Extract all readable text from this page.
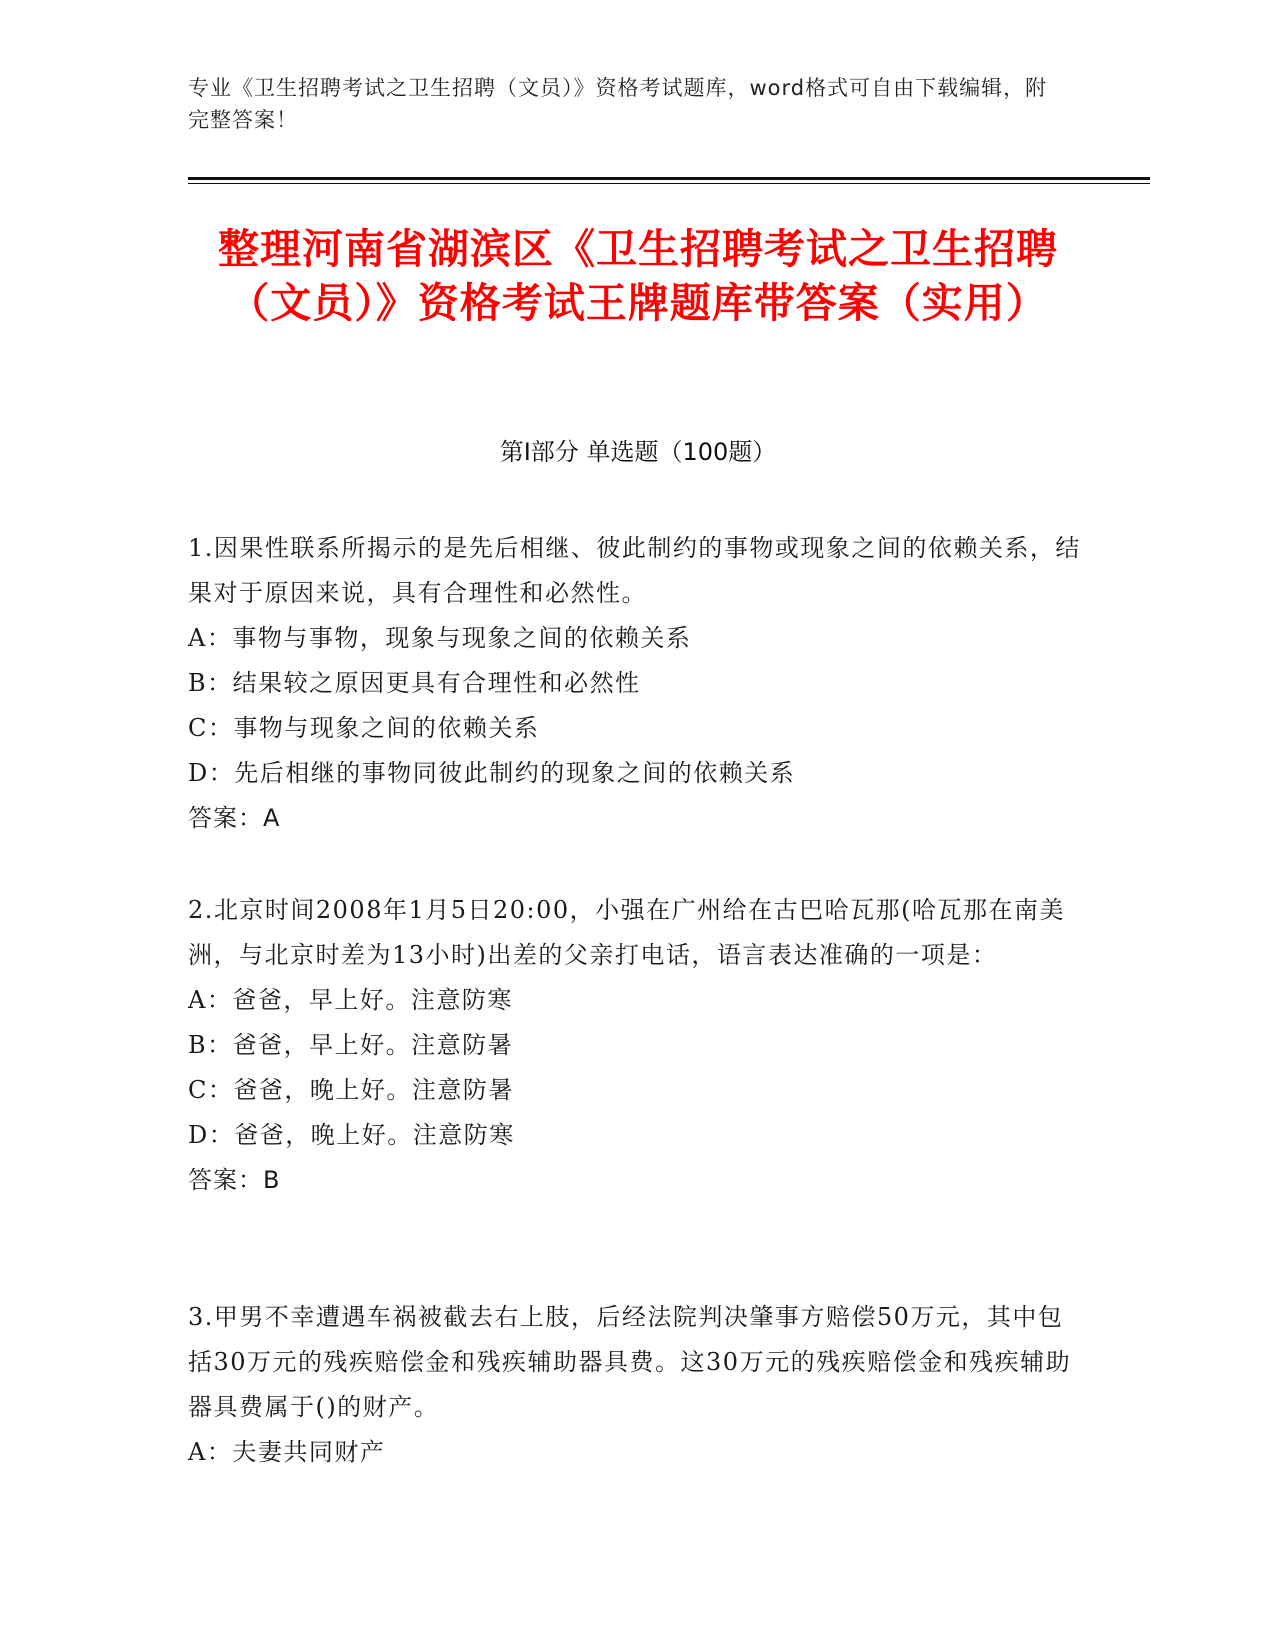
专业《卫生招聘考试之卫生招聘（文员）》资格考试题库，word格式可自由下载编辑，附完整答案！
整理河南省湖滨区《卫生招聘考试之卫生招聘（文员）》资格考试王牌题库带答案（实用）
第Ⅰ部分 单选题（100题）
1.因果性联系所揭示的是先后相继、彼此制约的事物或现象之间的依赖关系，结果对于原因来说，具有合理性和必然性。
A：事物与事物，现象与现象之间的依赖关系
B：结果较之原因更具有合理性和必然性
C：事物与现象之间的依赖关系
D：先后相继的事物同彼此制约的现象之间的依赖关系
答案：A
2.北京时间2008年1月5日20:00，小强在广州给在古巴哈瓦那(哈瓦那在南美洲，与北京时差为13小时)出差的父亲打电话，语言表达准确的一项是：
A：爸爸，早上好。注意防寒
B：爸爸，早上好。注意防暑
C：爸爸，晚上好。注意防暑
D：爸爸，晚上好。注意防寒
答案：B
3.甲男不幸遭遇车祸被截去右上肢，后经法院判决肇事方赔偿50万元，其中包括30万元的残疾赔偿金和残疾辅助器具费。这30万元的残疾赔偿金和残疾辅助器具费属于()的财产。
A：夫妻共同财产
